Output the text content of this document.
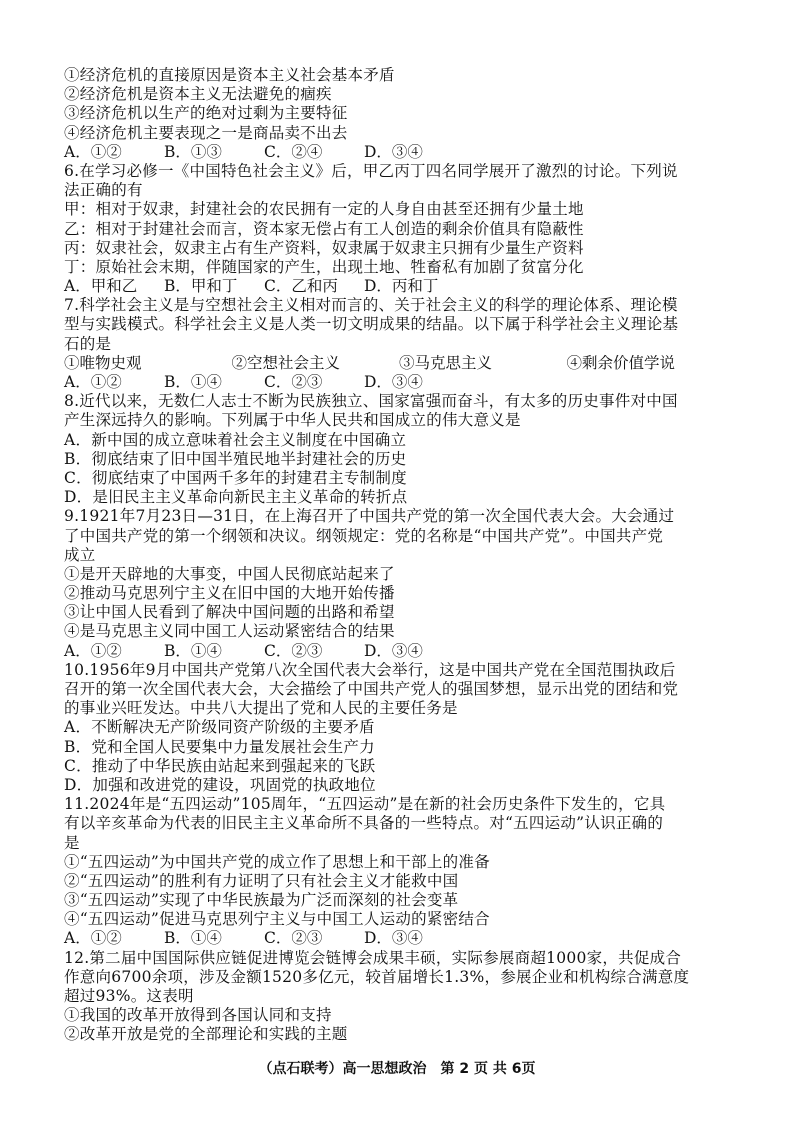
①经济危机的直接原因是资本主义社会基本矛盾
②经济危机是资本主义无法避免的痼疾
③经济危机以生产的绝对过剩为主要特征
④经济危机主要表现之一是商品卖不出去
A．①②	B．①③	C．②④	D．③④
6.在学习必修一《中国特色社会主义》后，甲乙丙丁四名同学展开了激烈的讨论。下列说
法正确的有
甲：相对于奴隶，封建社会的农民拥有一定的人身自由甚至还拥有少量土地
乙：相对于封建社会而言，资本家无偿占有工人创造的剩余价值具有隐蔽性
丙：奴隶社会，奴隶主占有生产资料，奴隶属于奴隶主只拥有少量生产资料
丁：原始社会末期，伴随国家的产生，出现土地、牲畜私有加剧了贫富分化
A．甲和乙	B．甲和丁	C．乙和丙	D．丙和丁
7.科学社会主义是与空想社会主义相对而言的、关于社会主义的科学的理论体系、理论模
型与实践模式。科学社会主义是人类一切文明成果的结晶。以下属于科学社会主义理论基
石的是
①唯物史观	②空想社会主义	③马克思主义	④剩余价值学说
A．①②	B．①④	C．②③	D．③④
8.近代以来，无数仁人志士不断为民族独立、国家富强而奋斗，有太多的历史事件对中国
产生深远持久的影响。下列属于中华人民共和国成立的伟大意义是
A．新中国的成立意味着社会主义制度在中国确立
B．彻底结束了旧中国半殖民地半封建社会的历史
C．彻底结束了中国两千多年的封建君主专制制度
D．是旧民主主义革命向新民主主义革命的转折点
9.1921年7月23日—31日，在上海召开了中国共产党的第一次全国代表大会。大会通过
了中国共产党的第一个纲领和决议。纲领规定：党的名称是“中国共产党”。中国共产党
成立
①是开天辟地的大事变，中国人民彻底站起来了
②推动马克思列宁主义在旧中国的大地开始传播
③让中国人民看到了解决中国问题的出路和希望
④是马克思主义同中国工人运动紧密结合的结果
A．①②	B．①④	C．②③	D．③④
10.1956年9月中国共产党第八次全国代表大会举行，这是中国共产党在全国范围执政后
召开的第一次全国代表大会，大会描绘了中国共产党人的强国梦想，显示出党的团结和党
的事业兴旺发达。中共八大提出了党和人民的主要任务是
A．不断解决无产阶级同资产阶级的主要矛盾
B．党和全国人民要集中力量发展社会生产力
C．推动了中华民族由站起来到强起来的飞跃
D．加强和改进党的建设，巩固党的执政地位
11.2024年是“五四运动”105周年，“五四运动”是在新的社会历史条件下发生的，它具
有以辛亥革命为代表的旧民主主义革命所不具备的一些特点。对“五四运动”认识正确的
是
①“五四运动”为中国共产党的成立作了思想上和干部上的准备
②“五四运动”的胜利有力证明了只有社会主义才能救中国
③“五四运动”实现了中华民族最为广泛而深刻的社会变革
④“五四运动”促进马克思列宁主义与中国工人运动的紧密结合
A．①②	B．①④	C．②③	D．③④
12.第二届中国国际供应链促进博览会链博会成果丰硕，实际参展商超1000家，共促成合
作意向6700余项，涉及金额1520多亿元，较首届增长1.3%，参展企业和机构综合满意度
超过93%。这表明
①我国的改革开放得到各国认同和支持
②改革开放是党的全部理论和实践的主题
（点石联考）高一思想政治　第 2 页 共 6页
